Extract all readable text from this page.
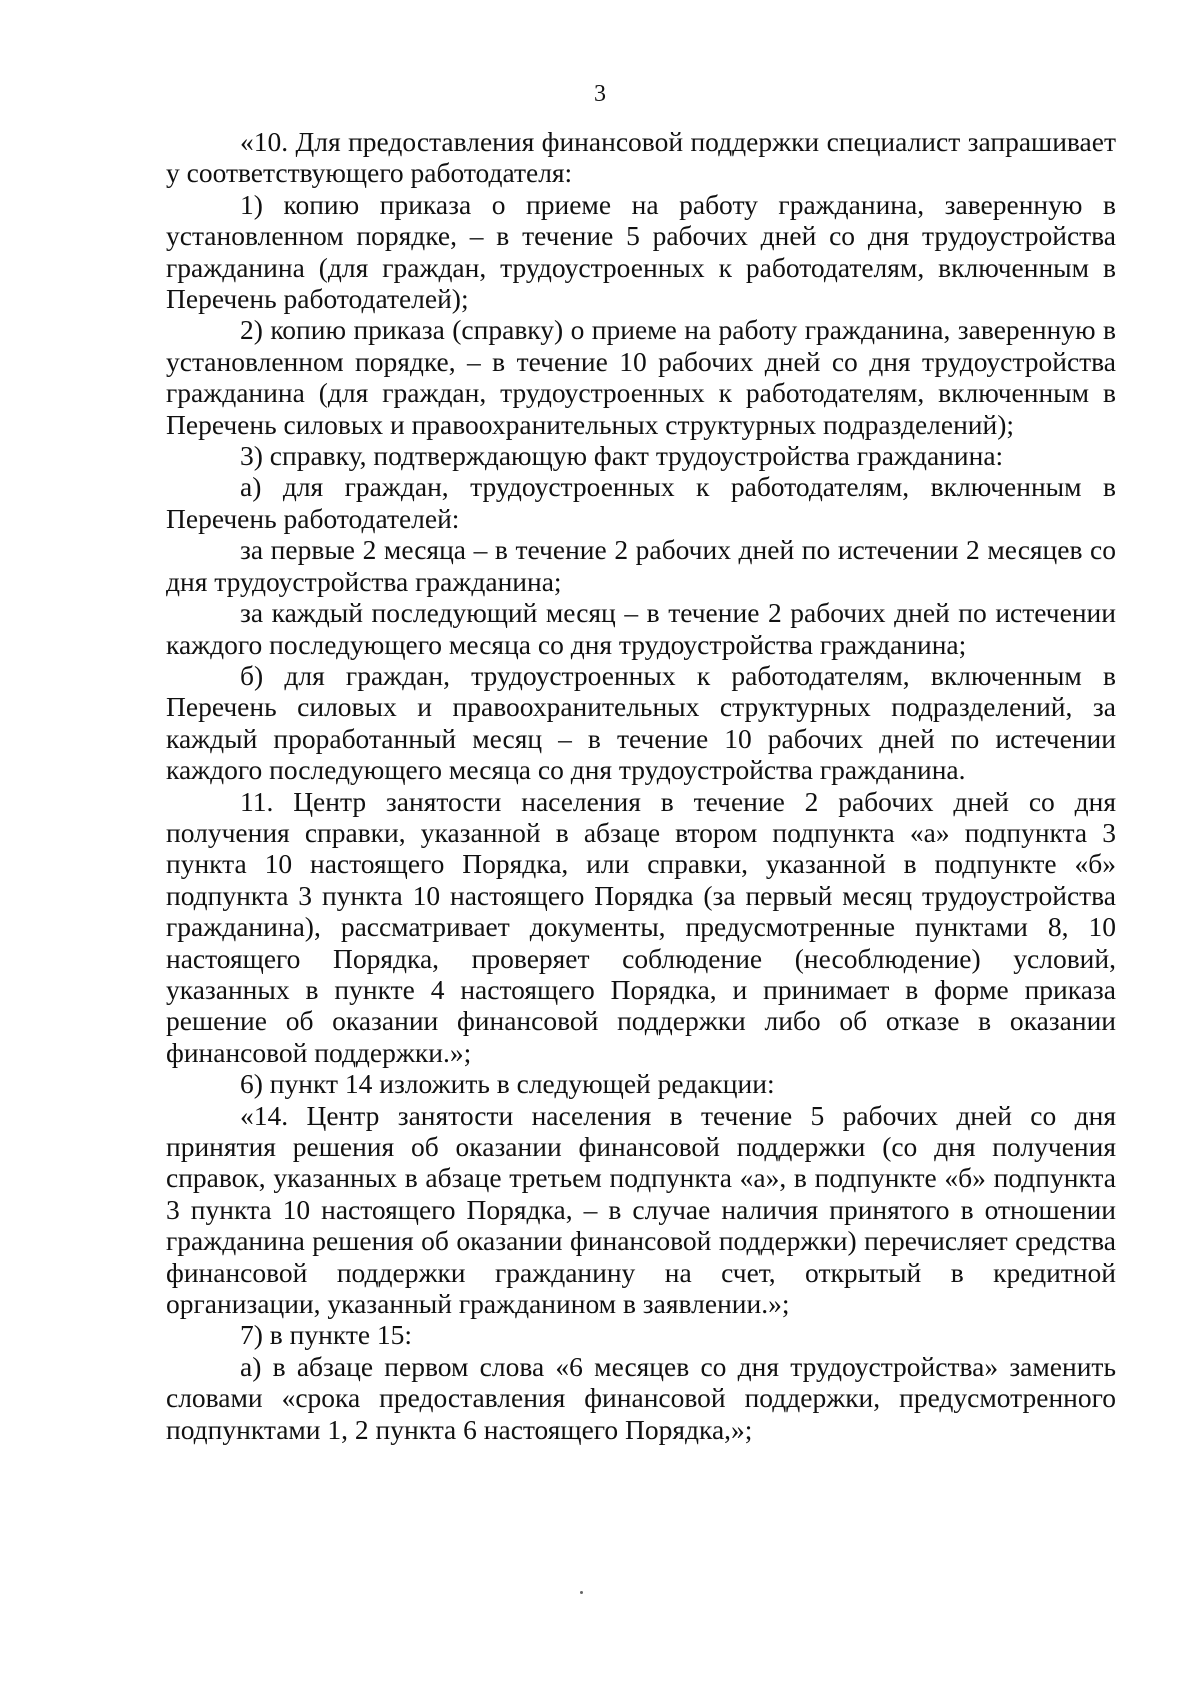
3

«10. Для предоставления финансовой поддержки специалист запрашивает у соответствующего работодателя:

1) копию приказа о приеме на работу гражданина, заверенную в установленном порядке, – в течение 5 рабочих дней со дня трудоустройства гражданина (для граждан, трудоустроенных к работодателям, включенным в Перечень работодателей);

2) копию приказа (справку) о приеме на работу гражданина, заверенную в установленном порядке, – в течение 10 рабочих дней со дня трудоустройства гражданина (для граждан, трудоустроенных к работодателям, включенным в Перечень силовых и правоохранительных структурных подразделений);

3) справку, подтверждающую факт трудоустройства гражданина:

а) для граждан, трудоустроенных к работодателям, включенным в Перечень работодателей:

за первые 2 месяца – в течение 2 рабочих дней по истечении 2 месяцев со дня трудоустройства гражданина;

за каждый последующий месяц – в течение 2 рабочих дней по истечении каждого последующего месяца со дня трудоустройства гражданина;

б) для граждан, трудоустроенных к работодателям, включенным в Перечень силовых и правоохранительных структурных подразделений, за каждый проработанный месяц – в течение 10 рабочих дней по истечении каждого последующего месяца со дня трудоустройства гражданина.

11. Центр занятости населения в течение 2 рабочих дней со дня получения справки, указанной в абзаце втором подпункта «а» подпункта 3 пункта 10 настоящего Порядка, или справки, указанной в подпункте «б» подпункта 3 пункта 10 настоящего Порядка (за первый месяц трудоустройства гражданина), рассматривает документы, предусмотренные пунктами 8, 10 настоящего Порядка, проверяет соблюдение (несоблюдение) условий, указанных в пункте 4 настоящего Порядка, и принимает в форме приказа решение об оказании финансовой поддержки либо об отказе в оказании финансовой поддержки.»;

6) пункт 14 изложить в следующей редакции:

«14. Центр занятости населения в течение 5 рабочих дней со дня принятия решения об оказании финансовой поддержки (со дня получения справок, указанных в абзаце третьем подпункта «а», в подпункте «б» подпункта 3 пункта 10 настоящего Порядка, – в случае наличия принятого в отношении гражданина решения об оказании финансовой поддержки) перечисляет средства финансовой поддержки гражданину на счет, открытый в кредитной организации, указанный гражданином в заявлении.»;

7) в пункте 15:

а) в абзаце первом слова «6 месяцев со дня трудоустройства» заменить словами «срока предоставления финансовой поддержки, предусмотренного подпунктами 1, 2 пункта 6 настоящего Порядка,»;
